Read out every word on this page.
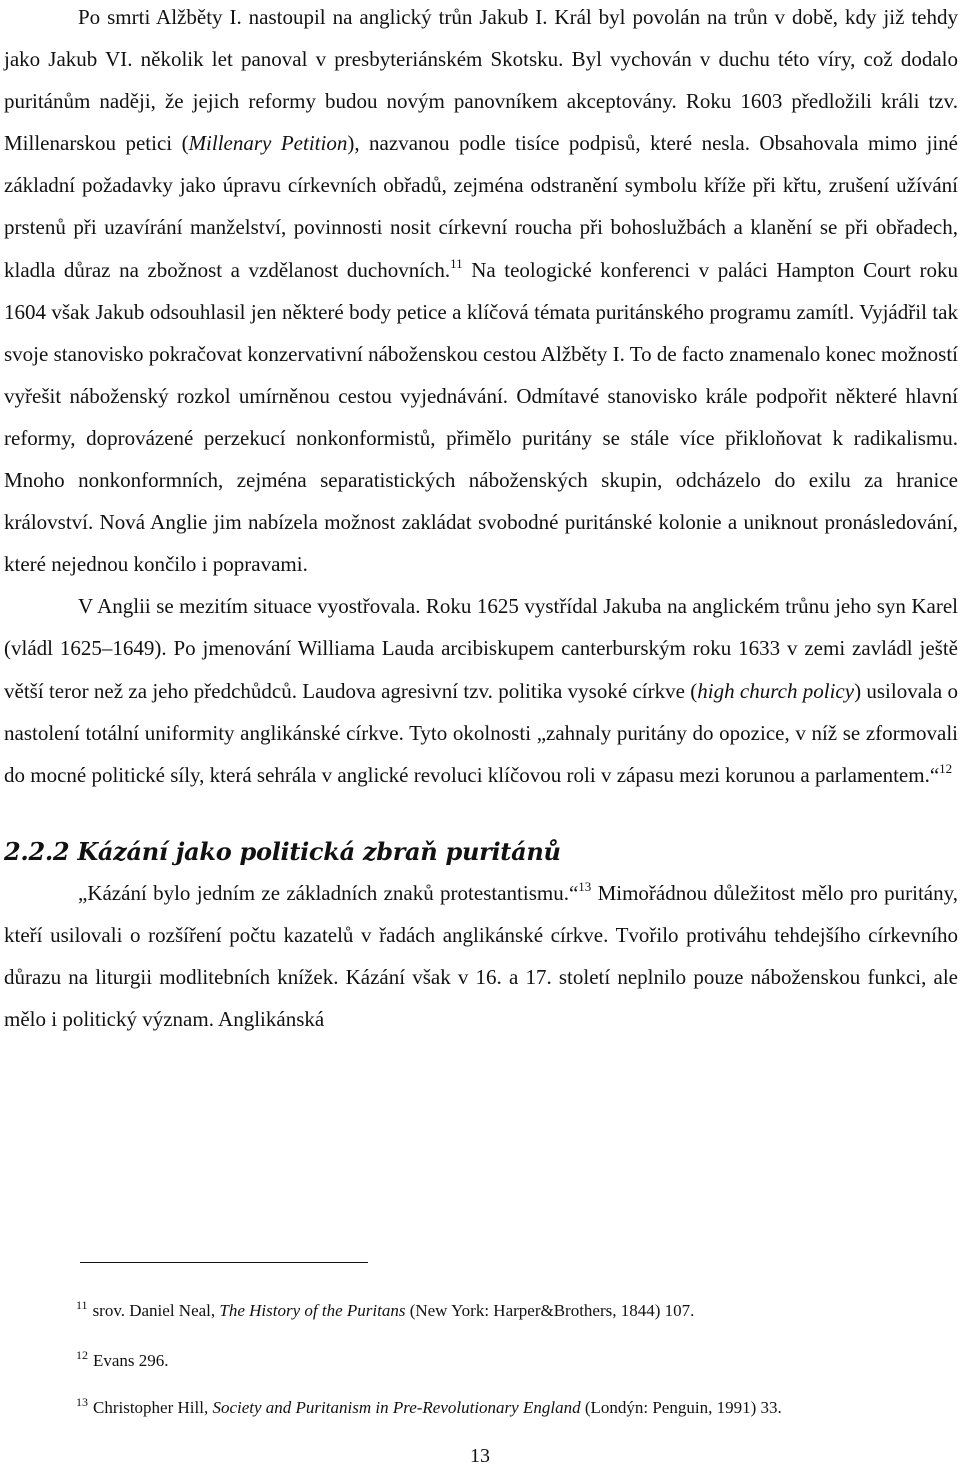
Po smrti Alžběty I. nastoupil na anglický trůn Jakub I. Král byl povolán na trůn v době, kdy již tehdy jako Jakub VI. několik let panoval v presbyteriánském Skotsku. Byl vychován v duchu této víry, což dodalo puritánům naději, že jejich reformy budou novým panovníkem akceptovány. Roku 1603 předložili králi tzv. Millenarskou petici (Millenary Petition), nazvanou podle tisíce podpisů, které nesla. Obsahovala mimo jiné základní požadavky jako úpravu církevních obřadů, zejména odstranění symbolu kříže při křtu, zrušení užívání prstenů při uzavírání manželství, povinnosti nosit církevní roucha při bohoslužbách a klanění se při obřadech, kladla důraz na zbožnost a vzdělanost duchovních.$^{11}$ Na teologické konferenci v paláci Hampton Court roku 1604 však Jakub odsouhlasil jen některé body petice a klíčová témata puritánského programu zamítl. Vyjádřil tak svoje stanovisko pokračovat konzervativní náboženskou cestou Alžběty I. To de facto znamenalo konec možností vyřešit náboženský rozkol umírněnou cestou vyjednávání. Odmítavé stanovisko krále podpořit některé hlavní reformy, doprovázené perzekucí nonkonformistů, přimělo puritány se stále více přikloňovat k radikalismu. Mnoho nonkonformních, zejména separatistických náboženských skupin, odcházelo do exilu za hranice království. Nová Anglie jim nabízela možnost zakládat svobodné puritánské kolonie a uniknout pronásledování, které nejednou končilo i popravami.

V Anglii se mezitím situace vyostřovala. Roku 1625 vystřídal Jakuba na anglickém trůnu jeho syn Karel (vládl 1625–1649). Po jmenování Williama Lauda arcibiskupem canterburským roku 1633 v zemi zavládl ještě větší teror než za jeho předchůdců. Laudova agresivní tzv. politika vysoké církve (high church policy) usilovala o nastolení totální uniformity anglikánské církve. Tyto okolnosti „zahnaly puritány do opozice, v níž se zformovali do mocné politické síly, která sehrála v anglické revoluci klíčovou roli v zápasu mezi korunou a parlamentem.“$^{12}$

2.2.2 Kázání jako politická zbraň puritánů

„Kázání bylo jedním ze základních znaků protestantismu.“$^{13}$ Mimořádnou důležitost mělo pro puritány, kteří usilovali o rozšíření počtu kazatelů v řadách anglikánské církve. Tvořilo protiváhu tehdejšího církevního důrazu na liturgii modlitebních knížek. Kázání však v 16. a 17. století neplnilo pouze náboženskou funkci, ale mělo i politický význam. Anglikánská

$^{11}$ srov. Daniel Neal, The History of the Puritans (New York: Harper&Brothers, 1844) 107.
$^{12}$ Evans 296.
$^{13}$ Christopher Hill, Society and Puritanism in Pre-Revolutionary England (Londýn: Penguin, 1991) 33.
13
